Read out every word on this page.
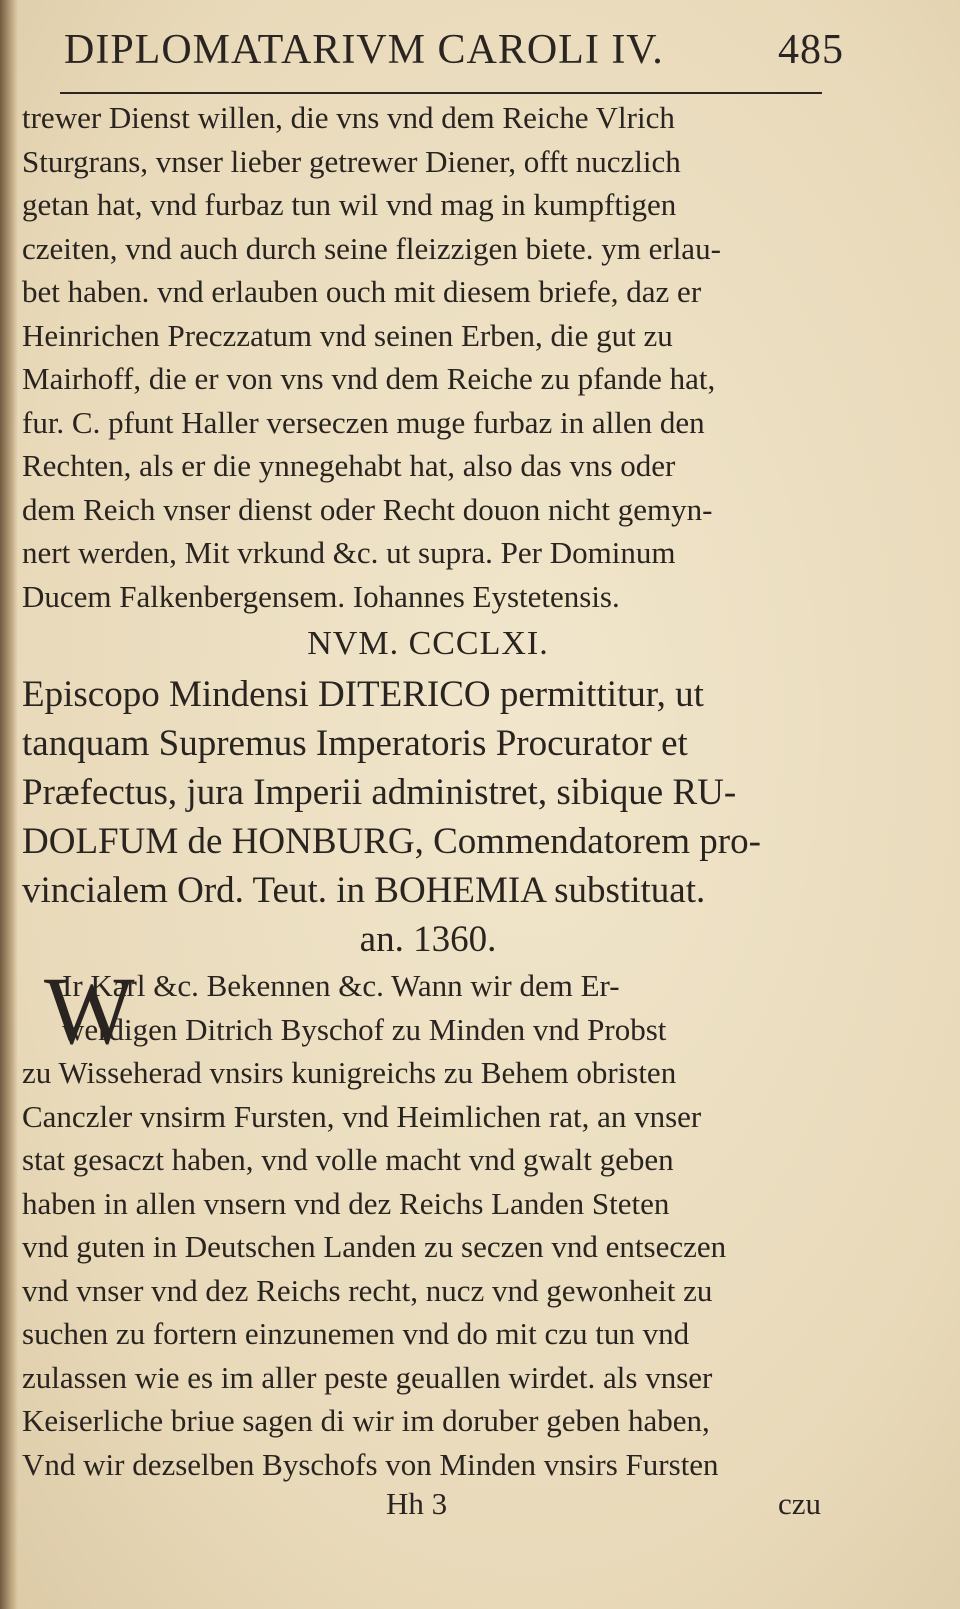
DIPLOMATARIVM CAROLI IV.	485
trewer Dienst willen, die vns vnd dem Reiche Vlrich
Sturgrans, vnser lieber getrewer Diener, offt nuczlich
getan hat, vnd furbaz tun wil vnd mag in kumpftigen
czeiten, vnd auch durch seine fleizzigen biete. ym erlau-
bet haben. vnd erlauben ouch mit diesem briefe, daz er
Heinrichen Preczzatum vnd seinen Erben, die gut zu
Mairhoff, die er von vns vnd dem Reiche zu pfande hat,
fur. C. pfunt Haller verseczen muge furbaz in allen den
Rechten, als er die ynnegehabt hat, also das vns oder
dem Reich vnser dienst oder Recht douon nicht gemyn-
nert werden, Mit vrkund &c. ut supra. Per Dominum
Ducem Falkenbergensem. Iohannes Eystetensis.
NVM. CCCLXI.
Episcopo Mindensi DITERICO permittitur, ut
tanquam Supremus Imperatoris Procurator et
Præfectus, jura Imperii administret, sibique RU-
DOLFUM de HONBURG, Commendatorem pro-
vincialem Ord. Teut. in BOHEMIA substituat.
an. 1360.
W
Ir Karl &c. Bekennen &c. Wann wir dem Er-
werdigen Ditrich Byschof zu Minden vnd Probst
zu Wisseherad vnsirs kunigreichs zu Behem obristen
Canczler vnsirm Fursten, vnd Heimlichen rat, an vnser
stat gesaczt haben, vnd volle macht vnd gwalt geben
haben in allen vnsern vnd dez Reichs Landen Steten
vnd guten in Deutschen Landen zu seczen vnd entseczen
vnd vnser vnd dez Reichs recht, nucz vnd gewonheit zu
suchen zu fortern einzunemen vnd do mit czu tun vnd
zulassen wie es im aller peste geuallen wirdet. als vnser
Keiserliche briue sagen di wir im doruber geben haben,
Vnd wir dezselben Byschofs von Minden vnsirs Fursten
Hh 3	czu
